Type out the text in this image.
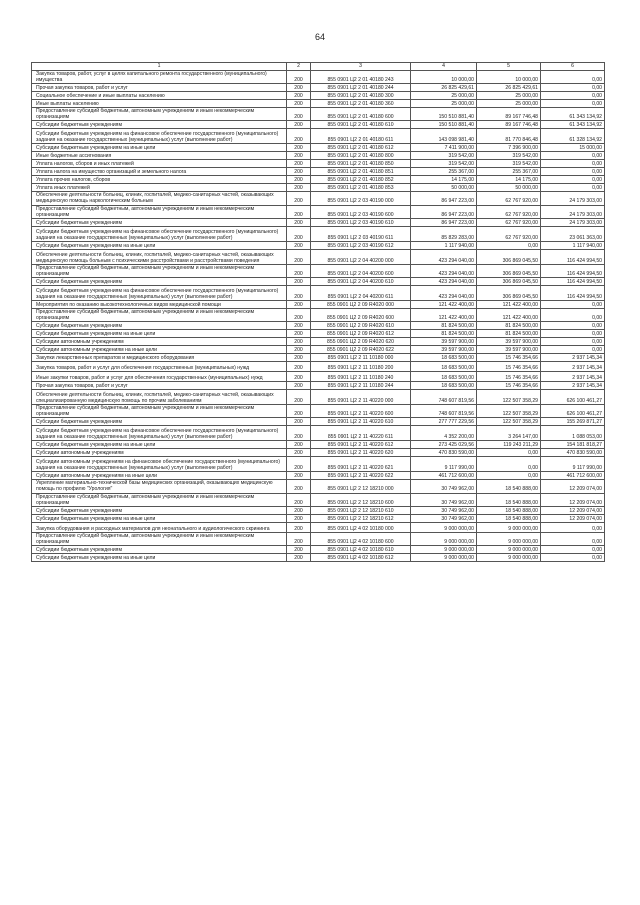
64
1	2	3	4	5	6
Закупка товаров, работ, услуг в целях капитального ремонта государственного (муниципального) имущества	200	855 0901 Ц2 2 01 40180 243	10 000,00	10 000,00	0,00
Прочая закупка товаров, работ и услуг	200	855 0901 Ц2 2 01 40180 244	26 825 429,61	26 825 429,61	0,00
Социальное обеспечение и иные выплаты населению	200	855 0901 Ц2 2 01 40180 300	25 000,00	25 000,00	0,00
Иные выплаты населению	200	855 0901 Ц2 2 01 40180 360	25 000,00	25 000,00	0,00
Предоставление субсидий бюджетным, автономным учреждениям и иным некоммерческим организациям	200	855 0901 Ц2 2 01 40180 600	150 510 881,40	89 167 746,48	61 343 134,92
Субсидии бюджетным учреждениям	200	855 0901 Ц2 2 01 40180 610	150 510 881,40	89 167 746,48	61 343 134,92
Субсидии бюджетным учреждениям на финансовое обеспечение государственного (муниципального) задания на оказание государственных (муниципальных) услуг (выполнение работ)	200	855 0901 Ц2 2 01 40180 611	143 098 981,40	81 770 846,48	61 328 134,92
Субсидии бюджетным учреждениям на иные цели	200	855 0901 Ц2 2 01 40180 612	7 411 900,00	7 396 900,00	15 000,00
Иные бюджетные ассигнования	200	855 0901 Ц2 2 01 40180 800	319 542,00	319 542,00	0,00
Уплата налогов, сборов и иных платежей	200	855 0901 Ц2 2 01 40180 850	319 542,00	319 542,00	0,00
Уплата налога на имущество организаций и земельного налога	200	855 0901 Ц2 2 01 40180 851	255 367,00	255 367,00	0,00
Уплата прочих налогов, сборов	200	855 0901 Ц2 2 01 40180 852	14 175,00	14 175,00	0,00
Уплата иных платежей	200	855 0901 Ц2 2 01 40180 853	50 000,00	50 000,00	0,00
Обеспечение деятельности больниц, клиник, госпиталей, медико-санитарных частей, оказывающих медицинскую помощь наркологическим больным	200	855 0901 Ц2 2 03 40190 000	86 947 223,00	62 767 920,00	24 179 303,00
Предоставление субсидий бюджетным, автономным учреждениям и иным некоммерческим организациям	200	855 0901 Ц2 2 03 40190 600	86 947 223,00	62 767 920,00	24 179 303,00
Субсидии бюджетным учреждениям	200	855 0901 Ц2 2 03 40190 610	86 947 223,00	62 767 920,00	24 179 303,00
Субсидии бюджетным учреждениям на финансовое обеспечение государственного (муниципального) задания на оказание государственных (муниципальных) услуг (выполнение работ)	200	855 0901 Ц2 2 03 40190 611	85 829 283,00	62 767 920,00	23 061 363,00
Субсидии бюджетным учреждениям на иные цели	200	855 0901 Ц2 2 03 40190 612	1 117 940,00	0,00	1 117 940,00
Обеспечение деятельности больниц, клиник, госпиталей, медико-санитарных частей, оказывающих медицинскую помощь больным с психическими расстройствами и расстройствами поведения	200	855 0901 Ц2 2 04 40200 000	423 294 040,00	306 869 045,50	116 424 994,50
Предоставление субсидий бюджетным, автономным учреждениям и иным некоммерческим организациям	200	855 0901 Ц2 2 04 40200 600	423 294 040,00	306 869 045,50	116 424 994,50
Субсидии бюджетным учреждениям	200	855 0901 Ц2 2 04 40200 610	423 294 040,00	306 869 045,50	116 424 994,50
Субсидии бюджетным учреждениям на финансовое обеспечение государственного (муниципального) задания на оказание государственных (муниципальных) услуг (выполнение работ)	200	855 0901 Ц2 2 04 40200 611	423 294 040,00	306 869 045,50	116 424 994,50
Мероприятия по оказанию высокотехнологичных видов медицинской помощи	200	855 0901 Ц2 2 09 R4020 000	121 422 400,00	121 422 400,00	0,00
Предоставление субсидий бюджетным, автономным учреждениям и иным некоммерческим организациям	200	855 0901 Ц2 2 09 R4020 600	121 422 400,00	121 422 400,00	0,00
Субсидии бюджетным учреждениям	200	855 0901 Ц2 2 09 R4020 610	81 824 500,00	81 824 500,00	0,00
Субсидии бюджетным учреждениям на иные цели	200	855 0901 Ц2 2 09 R4020 612	81 824 500,00	81 824 500,00	0,00
Субсидии автономным учреждениям	200	855 0901 Ц2 2 09 R4020 620	39 597 900,00	39 597 900,00	0,00
Субсидии автономным учреждениям на иные цели	200	855 0901 Ц2 2 09 R4020 622	39 597 900,00	39 597 900,00	0,00
Закупки лекарственных препаратов и медицинского оборудования	200	855 0901 Ц2 2 11 10180 000	18 683 500,00	15 746 354,66	2 937 145,34
Закупка товаров, работ и услуг для обеспечения государственных (муниципальных) нужд	200	855 0901 Ц2 2 11 10180 200	18 683 500,00	15 746 354,66	2 937 145,34
Иные закупки товаров, работ и услуг для обеспечения государственных (муниципальных) нужд	200	855 0901 Ц2 2 11 10180 240	18 683 500,00	15 746 354,66	2 937 145,34
Прочая закупка товаров, работ и услуг	200	855 0901 Ц2 2 11 10180 244	18 683 500,00	15 746 354,66	2 937 145,34
Обеспечение деятельности больниц, клиник, госпиталей, медико-санитарных частей, оказывающих специализированную медицинскую помощь по прочим заболеваниям	200	855 0901 Ц2 2 11 40220 000	748 607 819,56	122 507 358,29	626 100 461,27
Предоставление субсидий бюджетным, автономным учреждениям и иным некоммерческим организациям	200	855 0901 Ц2 2 11 40220 600	748 607 819,56	122 507 358,29	626 100 461,27
Субсидии бюджетным учреждениям	200	855 0901 Ц2 2 11 40220 610	277 777 229,56	122 507 358,29	155 269 871,27
Субсидии бюджетным учреждениям на финансовое обеспечение государственного (муниципального) задания на оказание государственных (муниципальных) услуг (выполнение работ)	200	855 0901 Ц2 2 11 40220 611	4 352 200,00	3 264 147,00	1 088 053,00
Субсидии бюджетным учреждениям на иные цели	200	855 0901 Ц2 2 11 40220 612	273 425 029,56	119 243 211,29	154 181 818,27
Субсидии автономным учреждениям	200	855 0901 Ц2 2 11 40220 620	470 830 590,00	0,00	470 830 590,00
Субсидии автономным учреждениям на финансовое обеспечение государственного (муниципального) задания на оказание государственных (муниципальных) услуг (выполнение работ)	200	855 0901 Ц2 2 11 40220 621	9 117 990,00	0,00	9 117 990,00
Субсидии автономным учреждениям на иные цели	200	855 0901 Ц2 2 11 40220 622	461 712 600,00	0,00	461 712 600,00
Укрепление материально-технической базы медицинских организаций, оказывающих медицинскую помощь по профилю "Урология"	200	855 0901 Ц2 2 12 18210 000	30 749 962,00	18 540 888,00	12 209 074,00
Предоставление субсидий бюджетным, автономным учреждениям и иным некоммерческим организациям	200	855 0901 Ц2 2 12 18210 600	30 749 962,00	18 540 888,00	12 209 074,00
Субсидии бюджетным учреждениям	200	855 0901 Ц2 2 12 18210 610	30 749 962,00	18 540 888,00	12 209 074,00
Субсидии бюджетным учреждениям на иные цели	200	855 0901 Ц2 2 12 18210 612	30 749 962,00	18 540 888,00	12 209 074,00
Закупка оборудования и расходных материалов для неонатального и аудиологического скрининга	200	855 0901 Ц2 4 02 10180 000	9 000 000,00	9 000 000,00	0,00
Предоставление субсидий бюджетным, автономным учреждениям и иным некоммерческим организациям	200	855 0901 Ц2 4 02 10180 600	9 000 000,00	9 000 000,00	0,00
Субсидии бюджетным учреждениям	200	855 0901 Ц2 4 02 10180 610	9 000 000,00	9 000 000,00	0,00
Субсидии бюджетным учреждениям на иные цели	200	855 0901 Ц2 4 02 10180 612	9 000 000,00	9 000 000,00	0,00
